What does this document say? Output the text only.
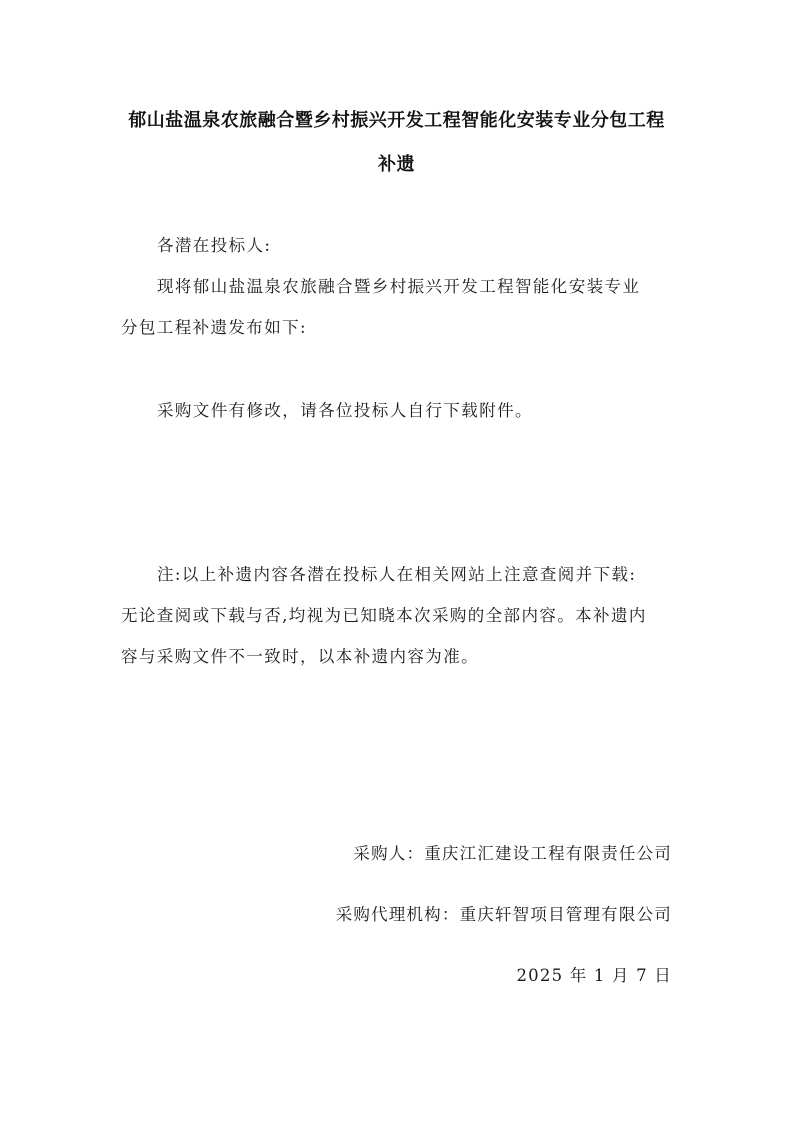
郁山盐温泉农旅融合暨乡村振兴开发工程智能化安装专业分包工程
补遗
各潜在投标人:
现将郁山盐温泉农旅融合暨乡村振兴开发工程智能化安装专业
分包工程补遗发布如下:
采购文件有修改，请各位投标人自行下载附件。
注:以上补遗内容各潜在投标人在相关网站上注意查阅并下载:
无论查阅或下载与否,均视为已知晓本次采购的全部内容。本补遗内
容与采购文件不一致时，以本补遗内容为准。
采购人：重庆江汇建设工程有限责任公司
采购代理机构：重庆轩智项目管理有限公司
2025 年 1 月 7 日
